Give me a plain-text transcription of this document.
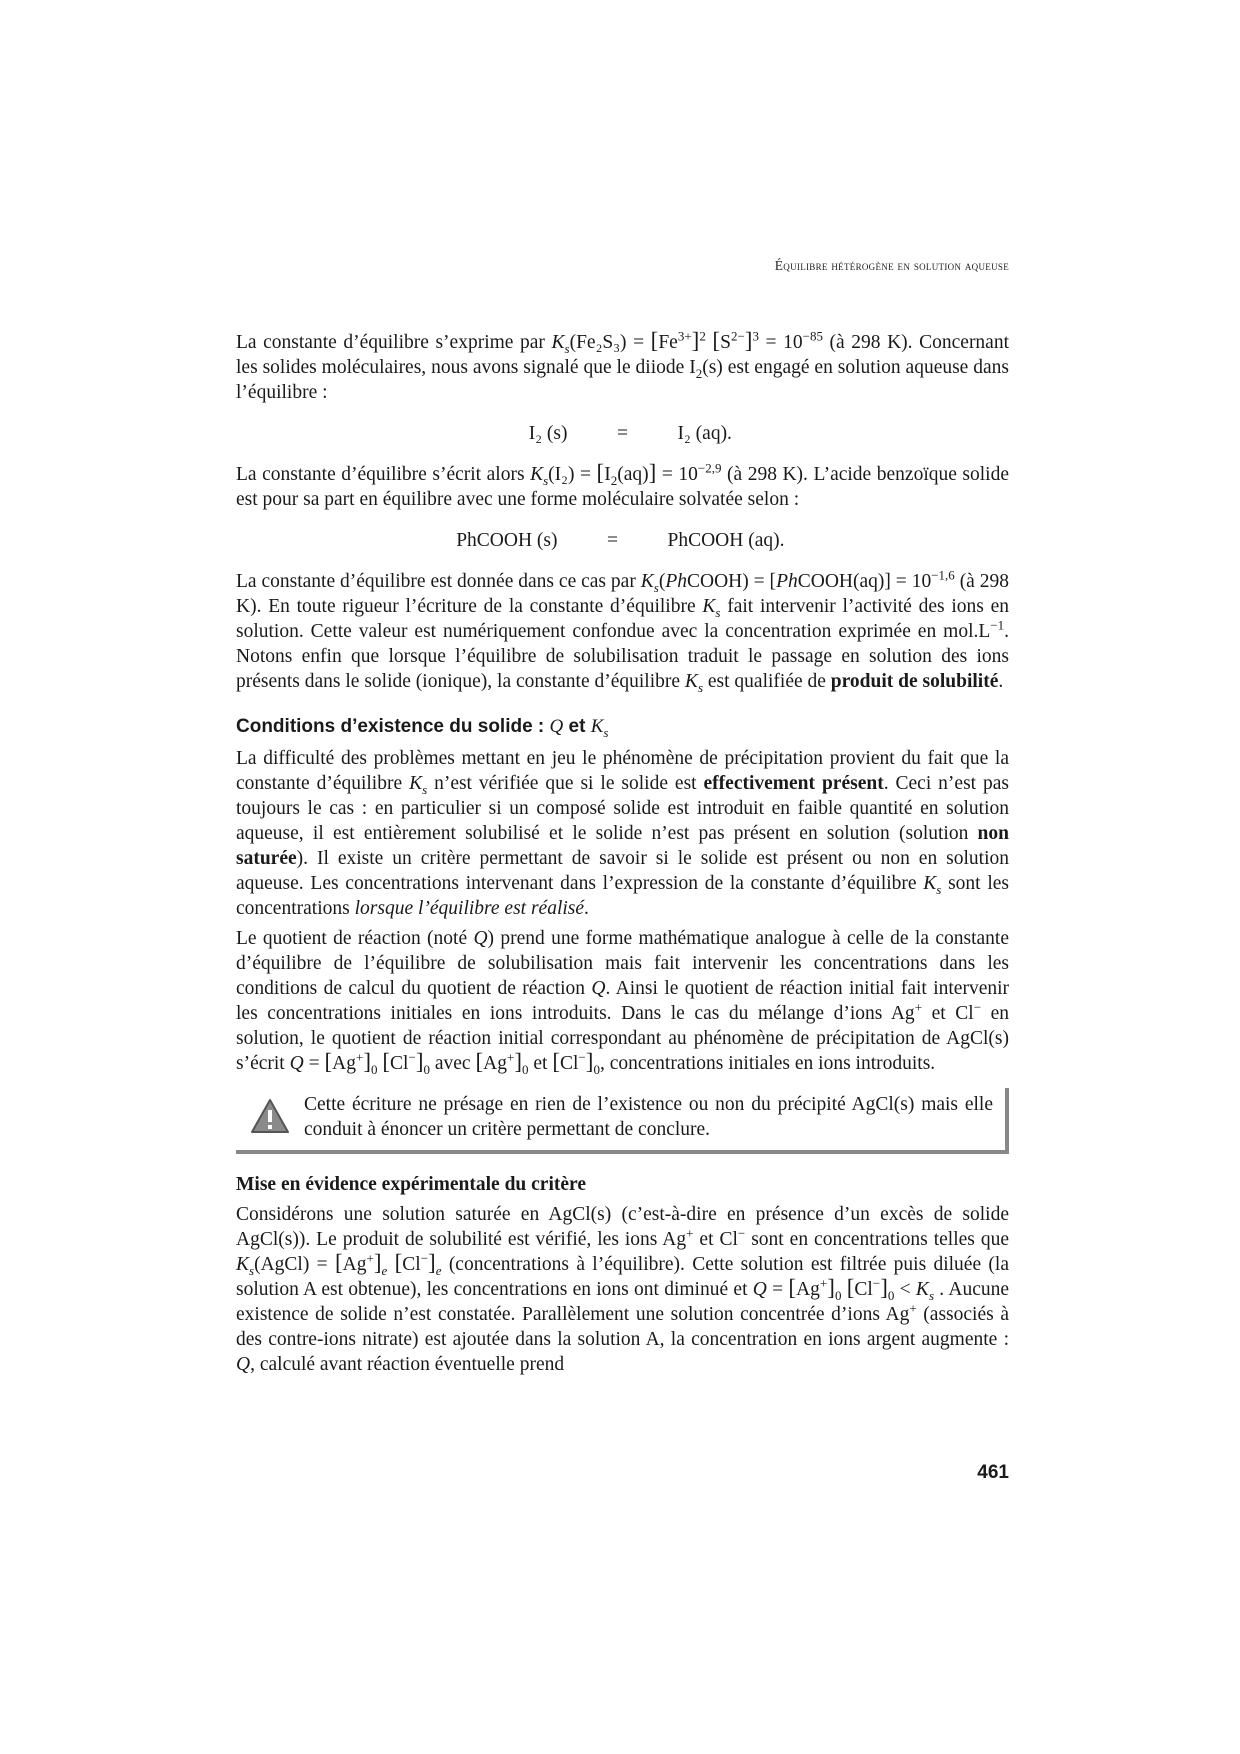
Équilibre hétérogène en solution aqueuse

La constante d’équilibre s’exprime par $K_s(Fe_2S_3) = [Fe^{3+}]^2$ $[S^{2-}]^3 = 10^{-85}$ (à 298 K). Concernant les solides moléculaires, nous avons signalé que le diiode $I_2(s)$ est engagé en solution aqueuse dans l’équilibre :

I₂ (s)	=	I₂ (aq).

La constante d’équilibre s’écrit alors $K_s(I_2) = [I_2(aq)] = 10^{-2,9}$ (à 298 K). L’acide benzoïque solide est pour sa part en équilibre avec une forme moléculaire solvatée selon :

PhCOOH (s)	=	PhCOOH (aq).

La constante d’équilibre est donnée dans ce cas par $K_s(PhCOOH)$ = [PhCOOH(aq)] = $10^{-1,6}$ (à 298 K). En toute rigueur l’écriture de la constante d’équilibre $K_s$ fait intervenir l’activité des ions en solution. Cette valeur est numériquement confondue avec la concentration exprimée en $mol.L^{-1}$. Notons enfin que lorsque l’équilibre de solubilisation traduit le passage en solution des ions présents dans le solide (ionique), la constante d’équilibre $K_s$ est qualifiée de produit de solubilité.

Conditions d’existence du solide : Q et $K_s$

La difficulté des problèmes mettant en jeu le phénomène de précipitation provient du fait que la constante d’équilibre $K_s$ n’est vérifiée que si le solide est effectivement présent. Ceci n’est pas toujours le cas : en particulier si un composé solide est introduit en faible quantité en solution aqueuse, il est entièrement solubilisé et le solide n’est pas présent en solution (solution non saturée). Il existe un critère permettant de savoir si le solide est présent ou non en solution aqueuse. Les concentrations intervenant dans l’expression de la constante d’équilibre $K_s$ sont les concentrations lorsque l’équilibre est réalisé.

Le quotient de réaction (noté Q) prend une forme mathématique analogue à celle de la constante d’équilibre de l’équilibre de solubilisation mais fait intervenir les concentrations dans les conditions de calcul du quotient de réaction Q. Ainsi le quotient de réaction initial fait intervenir les concentrations initiales en ions introduits. Dans le cas du mélange d’ions Ag+ et Cl− en solution, le quotient de réaction initial correspondant au phénomène de précipitation de AgCl(s) s’écrit $Q = [Ag^+]_0$ $[Cl^-]_0$ avec $[Ag^+]_0$ et $[Cl^-]_0$, concentrations initiales en ions introduits.

Cette écriture ne présage en rien de l’existence ou non du précipité AgCl(s) mais elle conduit à énoncer un critère permettant de conclure.

Mise en évidence expérimentale du critère

Considérons une solution saturée en AgCl(s) (c’est-à-dire en présence d’un excès de solide AgCl(s)). Le produit de solubilité est vérifié, les ions Ag+ et Cl− sont en concentrations telles que $K_s(AgCl) = [Ag^+]_e$ $[Cl^-]_e$ (concentrations à l’équilibre). Cette solution est filtrée puis diluée (la solution A est obtenue), les concentrations en ions ont diminué et $Q = [Ag^+]_0$ $[Cl^-]_0 < K_s$ . Aucune existence de solide n’est constatée. Parallèlement une solution concentrée d’ions Ag+ (associés à des contre-ions nitrate) est ajoutée dans la solution A, la concentration en ions argent augmente : Q, calculé avant réaction éventuelle prend

461
